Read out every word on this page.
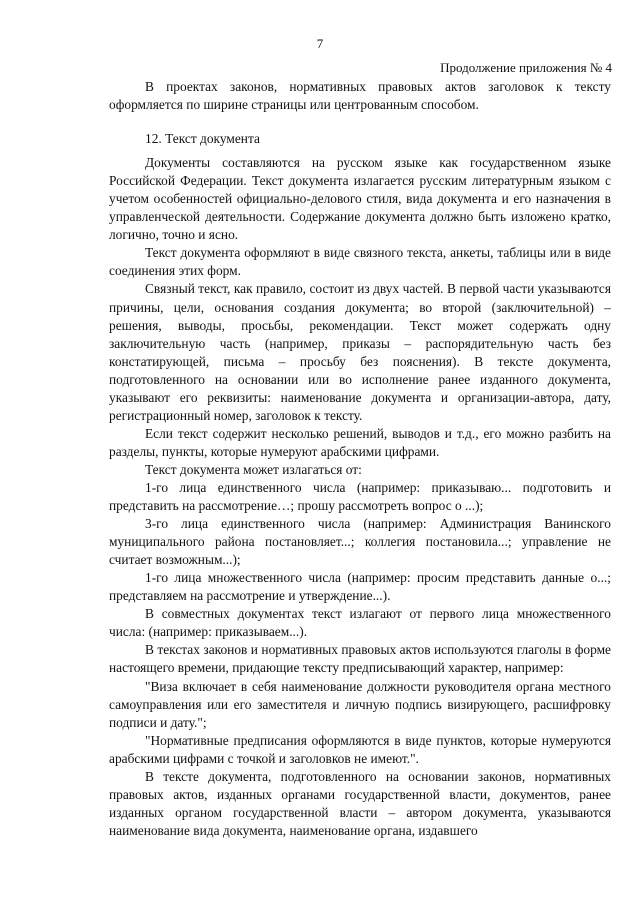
7
Продолжение приложения № 4

В проектах законов, нормативных правовых актов заголовок к тексту оформляется по ширине страницы или центрованным способом.

12. Текст документа

Документы составляются на русском языке как государственном языке Российской Федерации. Текст документа излагается русским литературным языком с учетом особенностей официально-делового стиля, вида документа и его назначения в управленческой деятельности. Содержание документа должно быть изложено кратко, логично, точно и ясно.

Текст документа оформляют в виде связного текста, анкеты, таблицы или в виде соединения этих форм.

Связный текст, как правило, состоит из двух частей. В первой части указываются причины, цели, основания создания документа; во второй (заключительной) – решения, выводы, просьбы, рекомендации. Текст может содержать одну заключительную часть (например, приказы – распорядительную часть без констатирующей, письма – просьбу без пояснения). В тексте документа, подготовленного на основании или во исполнение ранее изданного документа, указывают его реквизиты: наименование документа и организации-автора, дату, регистрационный номер, заголовок к тексту.

Если текст содержит несколько решений, выводов и т.д., его можно разбить на разделы, пункты, которые нумеруют арабскими цифрами.

Текст документа может излагаться от:

1-го лица единственного числа (например: приказываю... подготовить и представить на рассмотрение…; прошу рассмотреть вопрос о ...);

3-го лица единственного числа (например: Администрация Ванинского муниципального района постановляет...; коллегия постановила...; управление не считает возможным...);

1-го лица множественного числа (например: просим представить данные о...; представляем на рассмотрение и утверждение...).

В совместных документах текст излагают от первого лица множественного числа: (например: приказываем...).

В текстах законов и нормативных правовых актов используются глаголы в форме настоящего времени, придающие тексту предписывающий характер, например:

"Виза включает в себя наименование должности руководителя органа местного самоуправления или его заместителя и личную подпись визирующего, расшифровку подписи и дату.";

"Нормативные предписания оформляются в виде пунктов, которые нумеруются арабскими цифрами с точкой и заголовков не имеют.".

В тексте документа, подготовленного на основании законов, нормативных правовых актов, изданных органами государственной власти, документов, ранее изданных органом государственной власти – автором документа, указываются наименование вида документа, наименование органа, издавшего
